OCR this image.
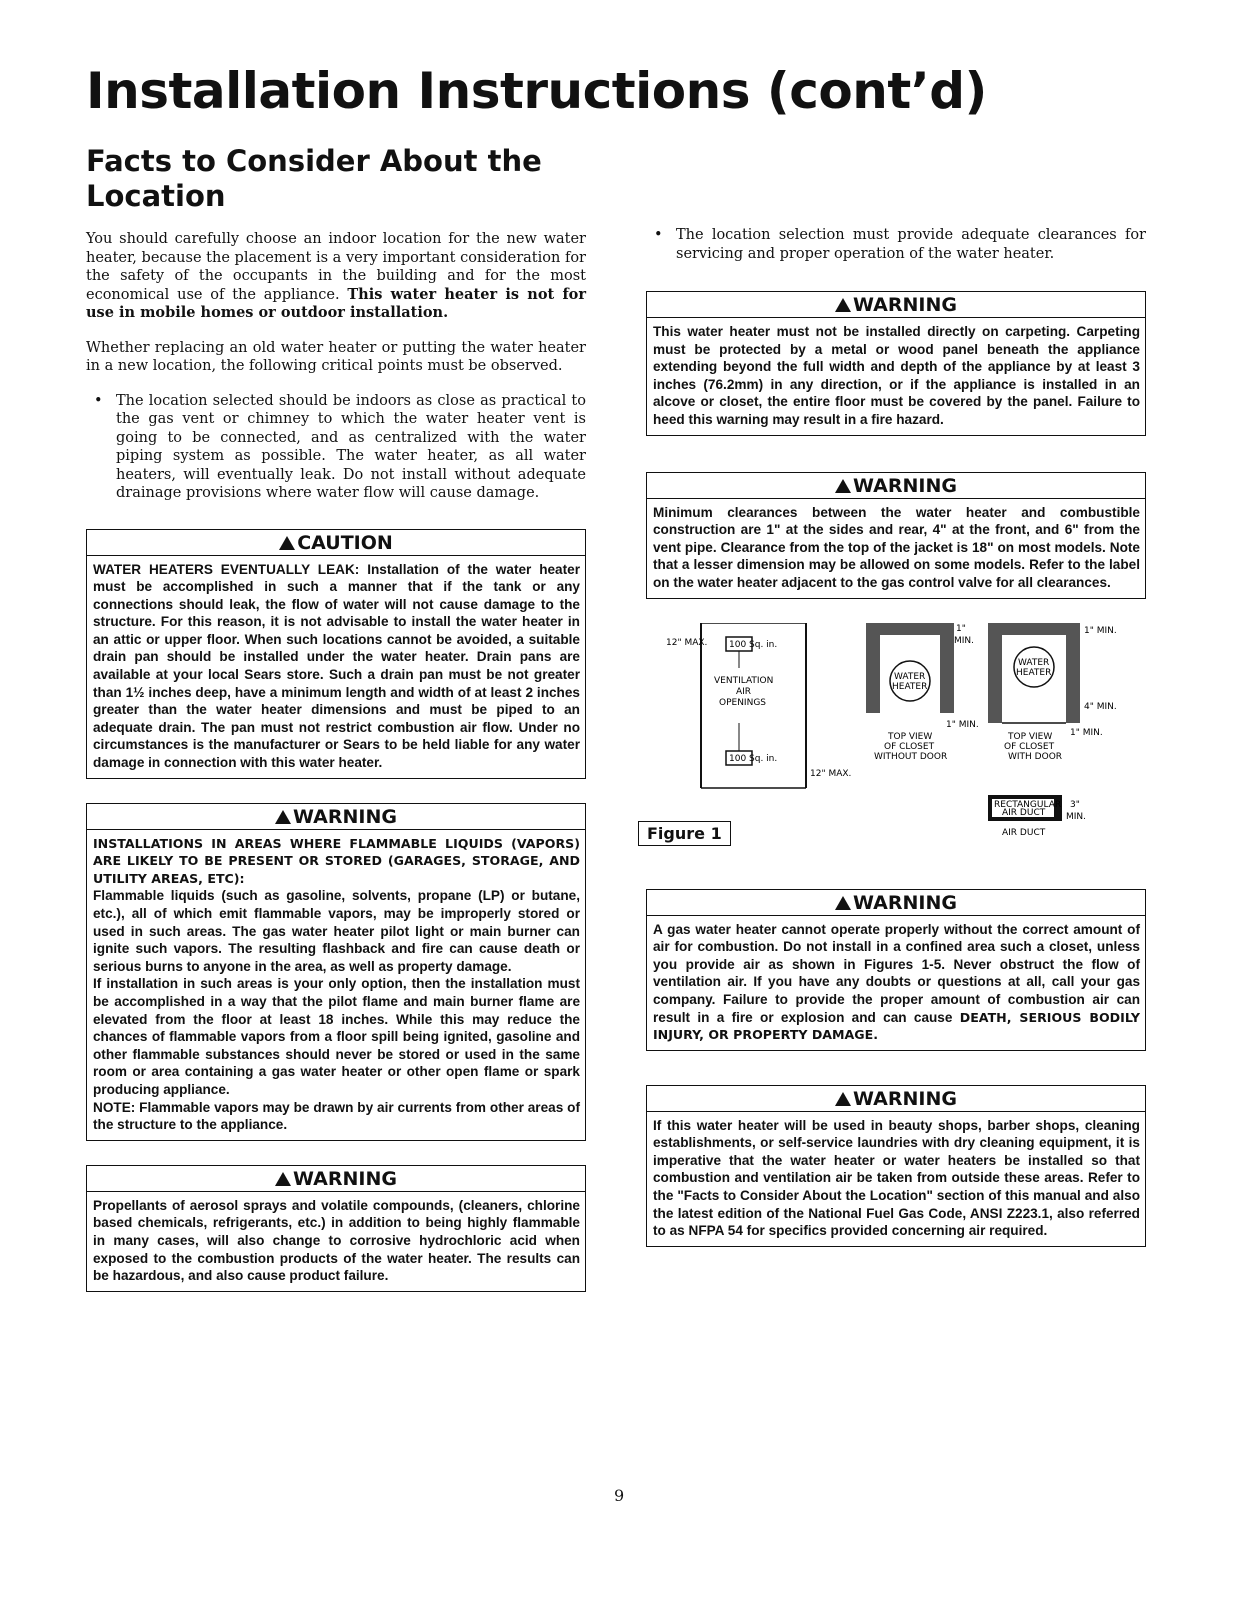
Installation Instructions (cont’d)
Facts to Consider About the Location

You should carefully choose an indoor location for the new water heater, because the placement is a very important consideration for the safety of the occupants in the building and for the most economical use of the appliance. This water heater is not for use in mobile homes or outdoor installation.

Whether replacing an old water heater or putting the water heater in a new location, the following critical points must be observed.

• The location selected should be indoors as close as practical to the gas vent or chimney to which the water heater vent is going to be connected, and as centralized with the water piping system as possible. The water heater, as all water heaters, will eventually leak. Do not install without adequate drainage provisions where water flow will cause damage.
CAUTION
WATER HEATERS EVENTUALLY LEAK: Installation of the water heater must be accomplished in such a manner that if the tank or any connections should leak, the flow of water will not cause damage to the structure. For this reason, it is not advisable to install the water heater in an attic or upper floor. When such locations cannot be avoided, a suitable drain pan should be installed under the water heater. Drain pans are available at your local Sears store. Such a drain pan must be not greater than 1½ inches deep, have a minimum length and width of at least 2 inches greater than the water heater dimensions and must be piped to an adequate drain. The pan must not restrict combustion air flow. Under no circumstances is the manufacturer or Sears to be held liable for any water damage in connection with this water heater.
WARNING
INSTALLATIONS IN AREAS WHERE FLAMMABLE LIQUIDS (VAPORS) ARE LIKELY TO BE PRESENT OR STORED (GARAGES, STORAGE, AND UTILITY AREAS, ETC):
Flammable liquids (such as gasoline, solvents, propane (LP) or butane, etc.), all of which emit flammable vapors, may be improperly stored or used in such areas. The gas water heater pilot light or main burner can ignite such vapors. The resulting flashback and fire can cause death or serious burns to anyone in the area, as well as property damage.
If installation in such areas is your only option, then the installation must be accomplished in a way that the pilot flame and main burner flame are elevated from the floor at least 18 inches. While this may reduce the chances of flammable vapors from a floor spill being ignited, gasoline and other flammable substances should never be stored or used in the same room or area containing a gas water heater or other open flame or spark producing appliance.
NOTE: Flammable vapors may be drawn by air currents from other areas of the structure to the appliance.
WARNING
Propellants of aerosol sprays and volatile compounds, (cleaners, chlorine based chemicals, refrigerants, etc.) in addition to being highly flammable in many cases, will also change to corrosive hydrochloric acid when exposed to the combustion products of the water heater. The results can be hazardous, and also cause product failure.
• The location selection must provide adequate clearances for servicing and proper operation of the water heater.
WARNING
This water heater must not be installed directly on carpeting. Carpeting must be protected by a metal or wood panel beneath the appliance extending beyond the full width and depth of the appliance by at least 3 inches (76.2mm) in any direction, or if the appliance is installed in an alcove or closet, the entire floor must be covered by the panel. Failure to heed this warning may result in a fire hazard.
WARNING
Minimum clearances between the water heater and combustible construction are 1" at the sides and rear, 4" at the front, and 6" from the vent pipe. Clearance from the top of the jacket is 18" on most models. Note that a lesser dimension may be allowed on some models. Refer to the label on the water heater adjacent to the gas control valve for all clearances.
12" MAX. 100 Sq. in.
100 Sq. in.
VENTILATION
AIR
OPENINGS
12" MAX.
WATER
HEATER
1"
MIN.
1" MIN.
TOP VIEW
OF CLOSET
WITHOUT DOOR
WATER
HEATER
1" MIN.
4" MIN.
1" MIN.
TOP VIEW
OF CLOSET
WITH DOOR
RECTANGULAR
AIR DUCT
3"
MIN.
AIR DUCT
Figure 1
WARNING
A gas water heater cannot operate properly without the correct amount of air for combustion. Do not install in a confined area such a closet, unless you provide air as shown in Figures 1-5. Never obstruct the flow of ventilation air. If you have any doubts or questions at all, call your gas company. Failure to provide the proper amount of combustion air can result in a fire or explosion and can cause DEATH, SERIOUS BODILY INJURY, OR PROPERTY DAMAGE.
WARNING
If this water heater will be used in beauty shops, barber shops, cleaning establishments, or self-service laundries with dry cleaning equipment, it is imperative that the water heater or water heaters be installed so that combustion and ventilation air be taken from outside these areas. Refer to the "Facts to Consider About the Location" section of this manual and also the latest edition of the National Fuel Gas Code, ANSI Z223.1, also referred to as NFPA 54 for specifics provided concerning air required.
9
